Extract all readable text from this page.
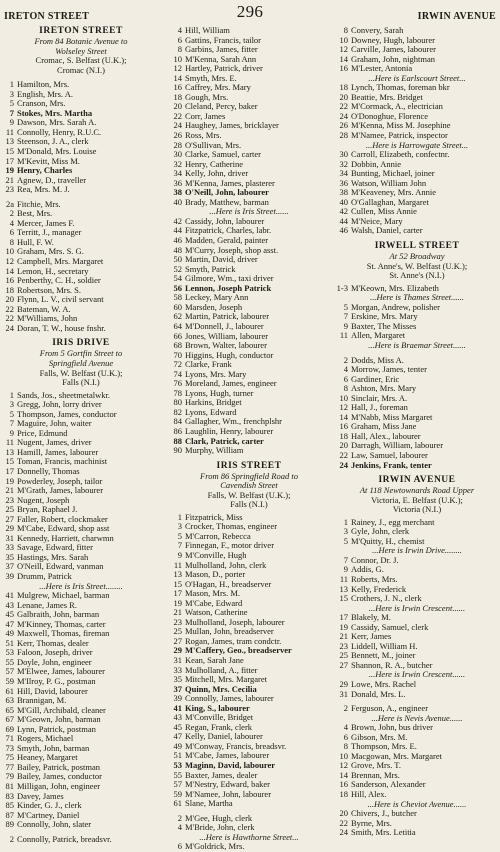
IRETON STREET	296	IRWIN AVENUE
IRETON STREET
From 84 Botanic Avenue to
Wolseley Street
Cromac, S. Belfast (U.K.);
Cromac (N.I.)
1 Hamilton, Mrs.
3 English, Mrs. A.
5 Cranson, Mrs.
7 Stokes, Mrs. Martha
9 Dawson, Mrs. Sarah A.
11 Connolly, Henry, R.U.C.
13 Steenson, J. A., clerk
15 M'Donald, Mrs. Louise
17 M'Kevitt, Miss M.
19 Henry, Charles
21 Agnew, D., traveller
23 Rea, Mrs. M. J.
2a Fitchie, Mrs.
2 Best, Mrs.
4 Mercer, James F.
6 Territt, J., manager
8 Hull, F. W.
10 Graham, Mrs. S. G.
12 Campbell, Mrs. Margaret
14 Lemon, H., secretary
16 Penberthy, C. H., soldier
18 Robertson, Mrs. S.
20 Flynn, L. V., civil servant
22 Bateman, W. A.
22 M'Williams, John
24 Doran, T. W., house fnshr.
IRIS DRIVE
From 5 Gortfin Street to
Springfield Avenue
Falls, W. Belfast (U.K.);
Falls (N.I.)
1 Sands, Jos., sheetmetalwkr.
3 Gregg, John, lorry driver
5 Thompson, James, conductor
7 Maguire, John, waiter
9 Price, Edmund
11 Nugent, James, driver
13 Hamill, James, labourer
15 Toman, Francis, machinist
17 Donnelly, Thomas
19 Powderley, Joseph, tailor
21 M'Grath, James, labourer
23 Nugent, Joseph
25 Bryan, Raphael J.
27 Faller, Robert, clockmaker
29 M'Cabe, Edward, shop asst
31 Kennedy, Harriett, charwmn
33 Savage, Edward, fitter
35 Hastings, Mrs. Sarah
37 O'Neill, Edward, vanman
39 Drumm, Patrick
...Here is Iris Street........
41 Mulgrew, Michael, barman
43 Lenane, James R.
45 Galbraith, John, barman
47 M'Kinney, Thomas, carter
49 Maxwell, Thomas, fireman
51 Kerr, Thomas, dealer
53 Faloon, Joseph, driver
55 Doyle, John, engineer
57 M'Elwee, James, labourer
59 M'Ilroy, P. G., postman
61 Hill, David, labourer
63 Brannigan, M.
65 M'Gill, Archibald, cleaner
67 M'Geown, John, barman
69 Lynn, Patrick, postman
71 Rogers, Michael
73 Smyth, John, barman
75 Heaney, Margaret
77 Bailey, Patrick, postman
79 Bailey, James, conductor
81 Milligan, John, engineer
83 Davey, James
85 Kinder, G. J., clerk
87 M'Cartney, Daniel
89 Connolly, John, slater
2 Connolly, Patrick, breadsvr.
4 Hill, William
6 Gattins, Francis, tailor
8 Garbins, James, fitter
10 M'Kenna, Sarah Ann
12 Hartley, Patrick, driver
14 Smyth, Mrs. E.
16 Caffrey, Mrs. Mary
18 Gough, Mrs.
20 Cleland, Percy, baker
22 Corr, James
24 Haughey, James, bricklayer
26 Ross, Mrs.
28 O'Sullivan, Mrs.
30 Clarke, Samuel, carter
32 Henry, Catherine
34 Kelly, John, driver
36 M'Kenna, James, plasterer
38 O'Neill, John, labourer
40 Brady, Matthew, barman
...Here is Iris Street......
42 Cassidy, John, labourer
44 Fitzpatrick, Charles, labr.
46 Madden, Gerald, painter
48 M'Curry, Joseph, shop asst.
50 Martin, David, driver
52 Smyth, Patrick
54 Gilmore, Wm., taxi driver
56 Lennon, Joseph Patrick
58 Leckey, Mary Ann
60 Marsden, Joseph
62 Martin, Patrick, labourer
64 M'Donnell, J., labourer
66 Jones, William, labourer
68 Brown, Walter, labourer
70 Higgins, Hugh, conductor
72 Clarke, Frank
74 Lyons, Mrs. Mary
76 Moreland, James, engineer
78 Lyons, Hugh, turner
80 Harkins, Bridget
82 Lyons, Edward
84 Gallagher, Wm., frenchplshr
86 Laughlin, Henry, labourer
88 Clark, Patrick, carter
90 Murphy, William
IRIS STREET
From 86 Springfield Road to
Cavendish Street
Falls, W. Belfast (U.K.);
Falls (N.I.)
1 Fitzpatrick, Miss
3 Crocker, Thomas, engineer
5 M'Carron, Rebecca
7 Finnegan, F., motor driver
9 M'Conville, Hugh
11 Mulholland, John, clerk
13 Mason, D., porter
15 O'Hagan, H., breadserver
17 Mason, Mrs. M.
19 M'Cabe, Edward
21 Watson, Catherine
23 Mulholland, Joseph, labourer
25 Mullan, John, breadserver
27 Rogan, James, tram condctr.
29 M'Caffery, Geo., breadserver
31 Kean, Sarah Jane
33 Mulholland, A., fitter
35 Mitchell, Mrs. Margaret
37 Quinn, Mrs. Cecilia
39 Connolly, James, labourer
41 King, S., labourer
43 M'Conville, Bridget
45 Regan, Frank, clerk
47 Kelly, Daniel, labourer
49 M'Conway, Francis, breadsvr.
51 M'Cabe, James, labourer
53 Maginn, David, labourer
55 Baxter, James, dealer
57 M'Nestry, Edward, baker
59 M'Namee, John, labourer
61 Slane, Martha
2 M'Gee, Hugh, clerk
4 M'Bride, John, clerk
...Here is Hawthorne Street...
6 M'Goldrick, Mrs.
8 Convery, Sarah
10 Downey, Hugh, labourer
12 Carville, James, labourer
14 Graham, John, nightman
16 M'Lester, Antonia
...Here is Earlscourt Street...
18 Lynch, Thomas, foreman bkr
20 Beattie, Mrs. Bridget
22 M'Cormack, A., electrician
24 O'Donoghue, Florence
26 M'Kenna, Miss M. Josephine
28 M'Namee, Patrick, inspector
...Here is Harrowgate Street...
30 Carroll, Elizabeth, confectnr.
32 Dobbin, Annie
34 Bunting, Michael, joiner
36 Watson, William John
38 M'Keaveney, Mrs. Annie
40 O'Gallaghan, Margaret
42 Cullen, Miss Annie
44 M'Neice, Mary
46 Walsh, Daniel, carter
IRWELL STREET
At 52 Broadway
St. Anne's, W. Belfast (U.K.);
St. Anne's (N.I.)
1-3 M'Keown, Mrs. Elizabeth
...Here is Thames Street......
5 Morgan, Andrew, polisher
7 Erskine, Mrs. Mary
9 Baxter, The Misses
11 Allen, Margaret
...Here is Braemar Street......
2 Dodds, Miss A.
4 Morrow, James, tenter
6 Gardiner, Eric
8 Ashton, Mrs. Mary
10 Sinclair, Mrs. A.
12 Hall, J., foreman
14 M'Nabb, Miss Margaret
16 Graham, Miss Jane
18 Hall, Alex., labourer
20 Darragh, William, labourer
22 Law, Samuel, labourer
24 Jenkins, Frank, tenter
IRWIN AVENUE
At 118 Newtownards Road Upper
Victoria, E. Belfast (U.K.);
Victoria (N.I.)
1 Rainey, J., egg merchant
3 Gyle, John, clerk
5 M'Quitty, H., chemist
...Here is Irwin Drive........
7 Connor, Dr. J.
9 Addis, G.
11 Roberts, Mrs.
13 Kelly, Frederick
15 Crothers, J. N., clerk
...Here is Irwin Crescent......
17 Blakely, M.
19 Cassidy, Samuel, clerk
21 Kerr, James
23 Liddell, William H.
25 Bennett, M., joiner
27 Shannon, R. A., butcher
...Here is Irwin Crescent......
29 Lowe, Mrs. Rachel
31 Donald, Mrs. L.
2 Ferguson, A., engineer
...Here is Nevis Avenue......
4 Brown, John, bus driver
6 Gibson, Mrs. M.
8 Thompson, Mrs. E.
10 Macgowan, Mrs. Margaret
12 Grove, Mrs. T.
14 Brennan, Mrs.
16 Sanderson, Alexander
18 Hill, Alex.
...Here is Cheviot Avenue......
20 Chivers, J., butcher
22 Byrne, Mrs.
24 Smith, Mrs. Letitia
